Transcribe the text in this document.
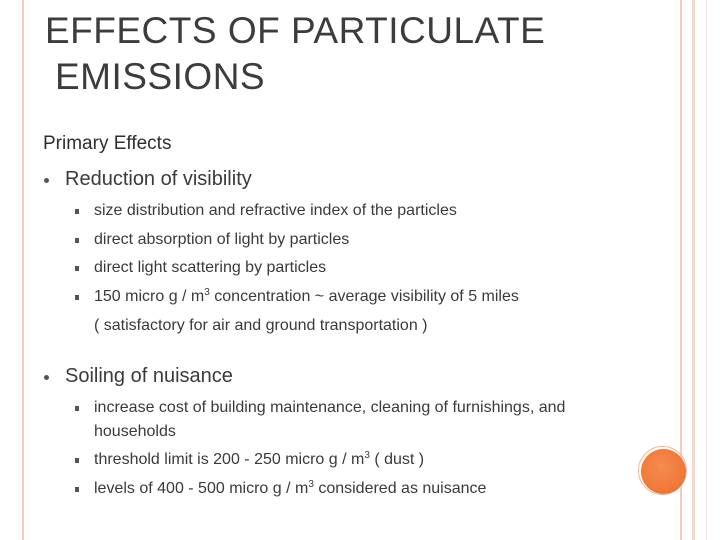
EFFECTS OF PARTICULATE
EMISSIONS
Primary Effects
Reduction of visibility
size distribution and refractive index of the particles
direct absorption of light by particles
direct light scattering by particles
150 micro g / $m^3$ concentration ~ average visibility of 5 miles
( satisfactory for air and ground transportation )
Soiling of nuisance
increase cost of building maintenance, cleaning of furnishings, and households
threshold limit is 200 - 250 micro g / $m^3$ ( dust )
levels of 400 - 500 micro g / $m^3$ considered as nuisance
